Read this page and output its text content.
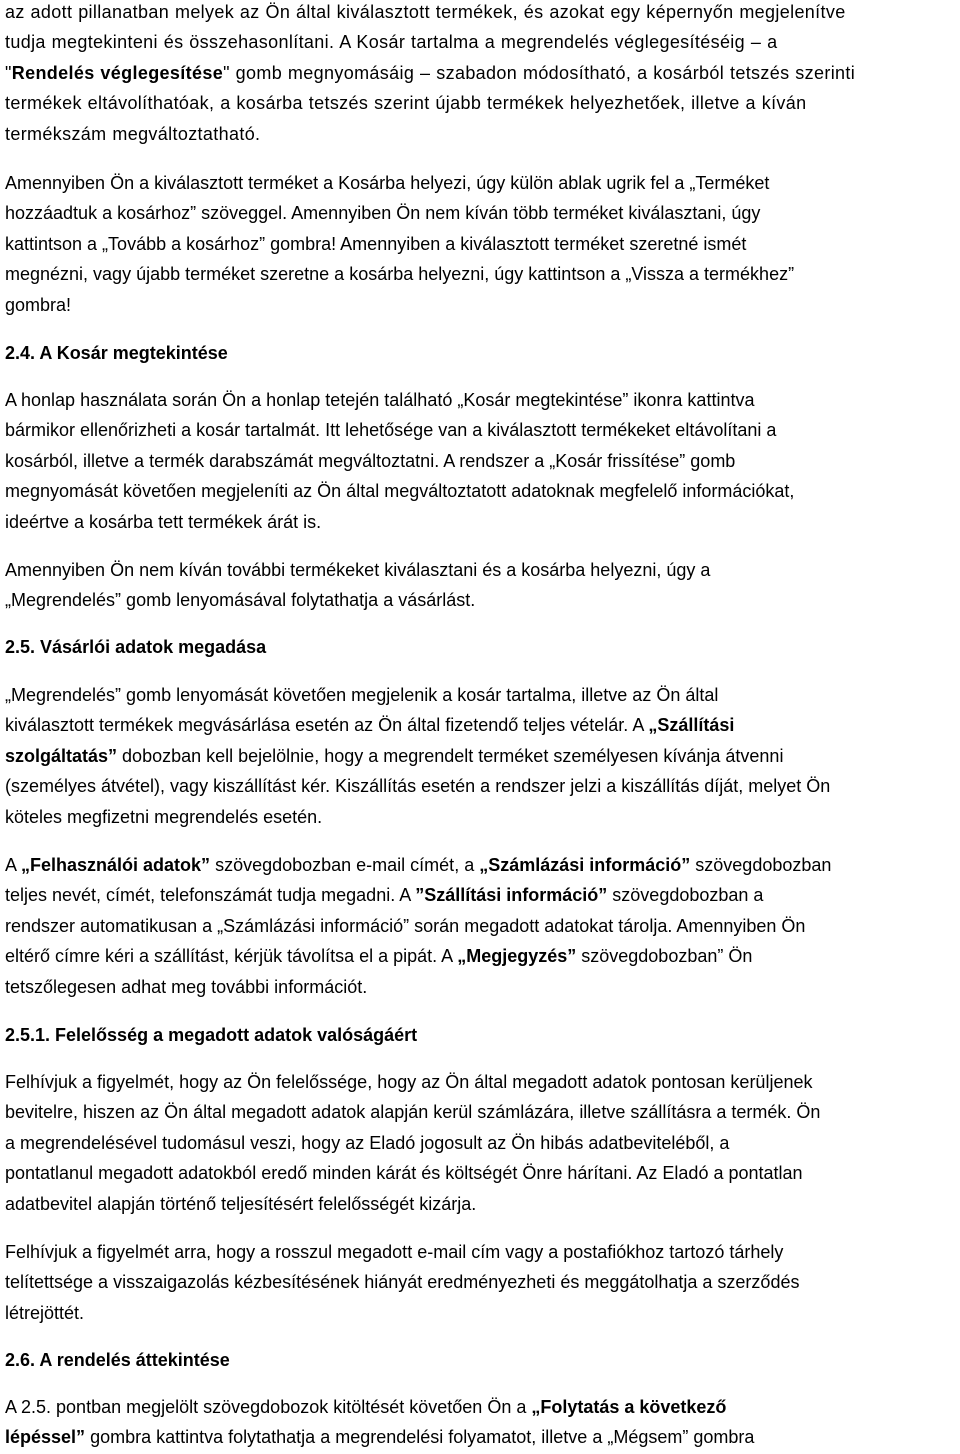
az adott pillanatban melyek az Ön által kiválasztott termékek, és azokat egy képernyőn megjelenítve
tudja megtekinteni és összehasonlítani. A Kosár tartalma a megrendelés véglegesítéséig – a
"Rendelés véglegesítése" gomb megnyomásáig – szabadon módosítható, a kosárból tetszés szerinti
termékek eltávolíthatóak, a kosárba tetszés szerint újabb termékek helyezhetőek, illetve a kíván
termékszám megváltoztatható.
Amennyiben Ön a kiválasztott terméket a Kosárba helyezi, úgy külön ablak ugrik fel a „Terméket
hozzáadtuk a kosárhoz” szöveggel. Amennyiben Ön nem kíván több terméket kiválasztani, úgy
kattintson a „Tovább a kosárhoz” gombra! Amennyiben a kiválasztott terméket szeretné ismét
megnézni, vagy újabb terméket szeretne a kosárba helyezni, úgy kattintson a „Vissza a termékhez”
gombra!
2.4. A Kosár megtekintése
A honlap használata során Ön a honlap tetején található „Kosár megtekintése” ikonra kattintva
bármikor ellenőrizheti a kosár tartalmát. Itt lehetősége van a kiválasztott termékeket eltávolítani a
kosárból, illetve a termék darabszámát megváltoztatni. A rendszer a „Kosár frissítése” gomb
megnyomását követően megjeleníti az Ön által megváltoztatott adatoknak megfelelő információkat,
ideértve a kosárba tett termékek árát is.
Amennyiben Ön nem kíván további termékeket kiválasztani és a kosárba helyezni, úgy a
„Megrendelés” gomb lenyomásával folytathatja a vásárlást.
2.5. Vásárlói adatok megadása
„Megrendelés” gomb lenyomását követően megjelenik a kosár tartalma, illetve az Ön által
kiválasztott termékek megvásárlása esetén az Ön által fizetendő teljes vételár. A „Szállítási
szolgáltatás” dobozban kell bejelölnie, hogy a megrendelt terméket személyesen kívánja átvenni
(személyes átvétel), vagy kiszállítást kér. Kiszállítás esetén a rendszer jelzi a kiszállítás díját, melyet Ön
köteles megfizetni megrendelés esetén.
A „Felhasználói adatok” szövegdobozban e-mail címét, a „Számlázási információ” szövegdobozban
teljes nevét, címét, telefonszámát tudja megadni. A ”Szállítási információ” szövegdobozban a
rendszer automatikusan a „Számlázási információ” során megadott adatokat tárolja. Amennyiben Ön
eltérő címre kéri a szállítást, kérjük távolítsa el a pipát. A „Megjegyzés” szövegdobozban” Ön
tetszőlegesen adhat meg további információt.
2.5.1. Felelősség a megadott adatok valóságáért
Felhívjuk a figyelmét, hogy az Ön felelőssége, hogy az Ön által megadott adatok pontosan kerüljenek
bevitelre, hiszen az Ön által megadott adatok alapján kerül számlázára, illetve szállításra a termék. Ön
a megrendelésével tudomásul veszi, hogy az Eladó jogosult az Ön hibás adatbeviteléből, a
pontatlanul megadott adatokból eredő minden kárát és költségét Önre hárítani. Az Eladó a pontatlan
adatbevitel alapján történő teljesítésért felelősségét kizárja.
Felhívjuk a figyelmét arra, hogy a rosszul megadott e-mail cím vagy a postafiókhoz tartozó tárhely
telítettsége a visszaigazolás kézbesítésének hiányát eredményezheti és meggátolhatja a szerződés
létrejöttét.
2.6. A rendelés áttekintése
A 2.5. pontban megjelölt szövegdobozok kitöltését követően Ön a „Folytatás a következő
lépéssel” gombra kattintva folytathatja a megrendelési folyamatot, illetve a „Mégsem” gombra
